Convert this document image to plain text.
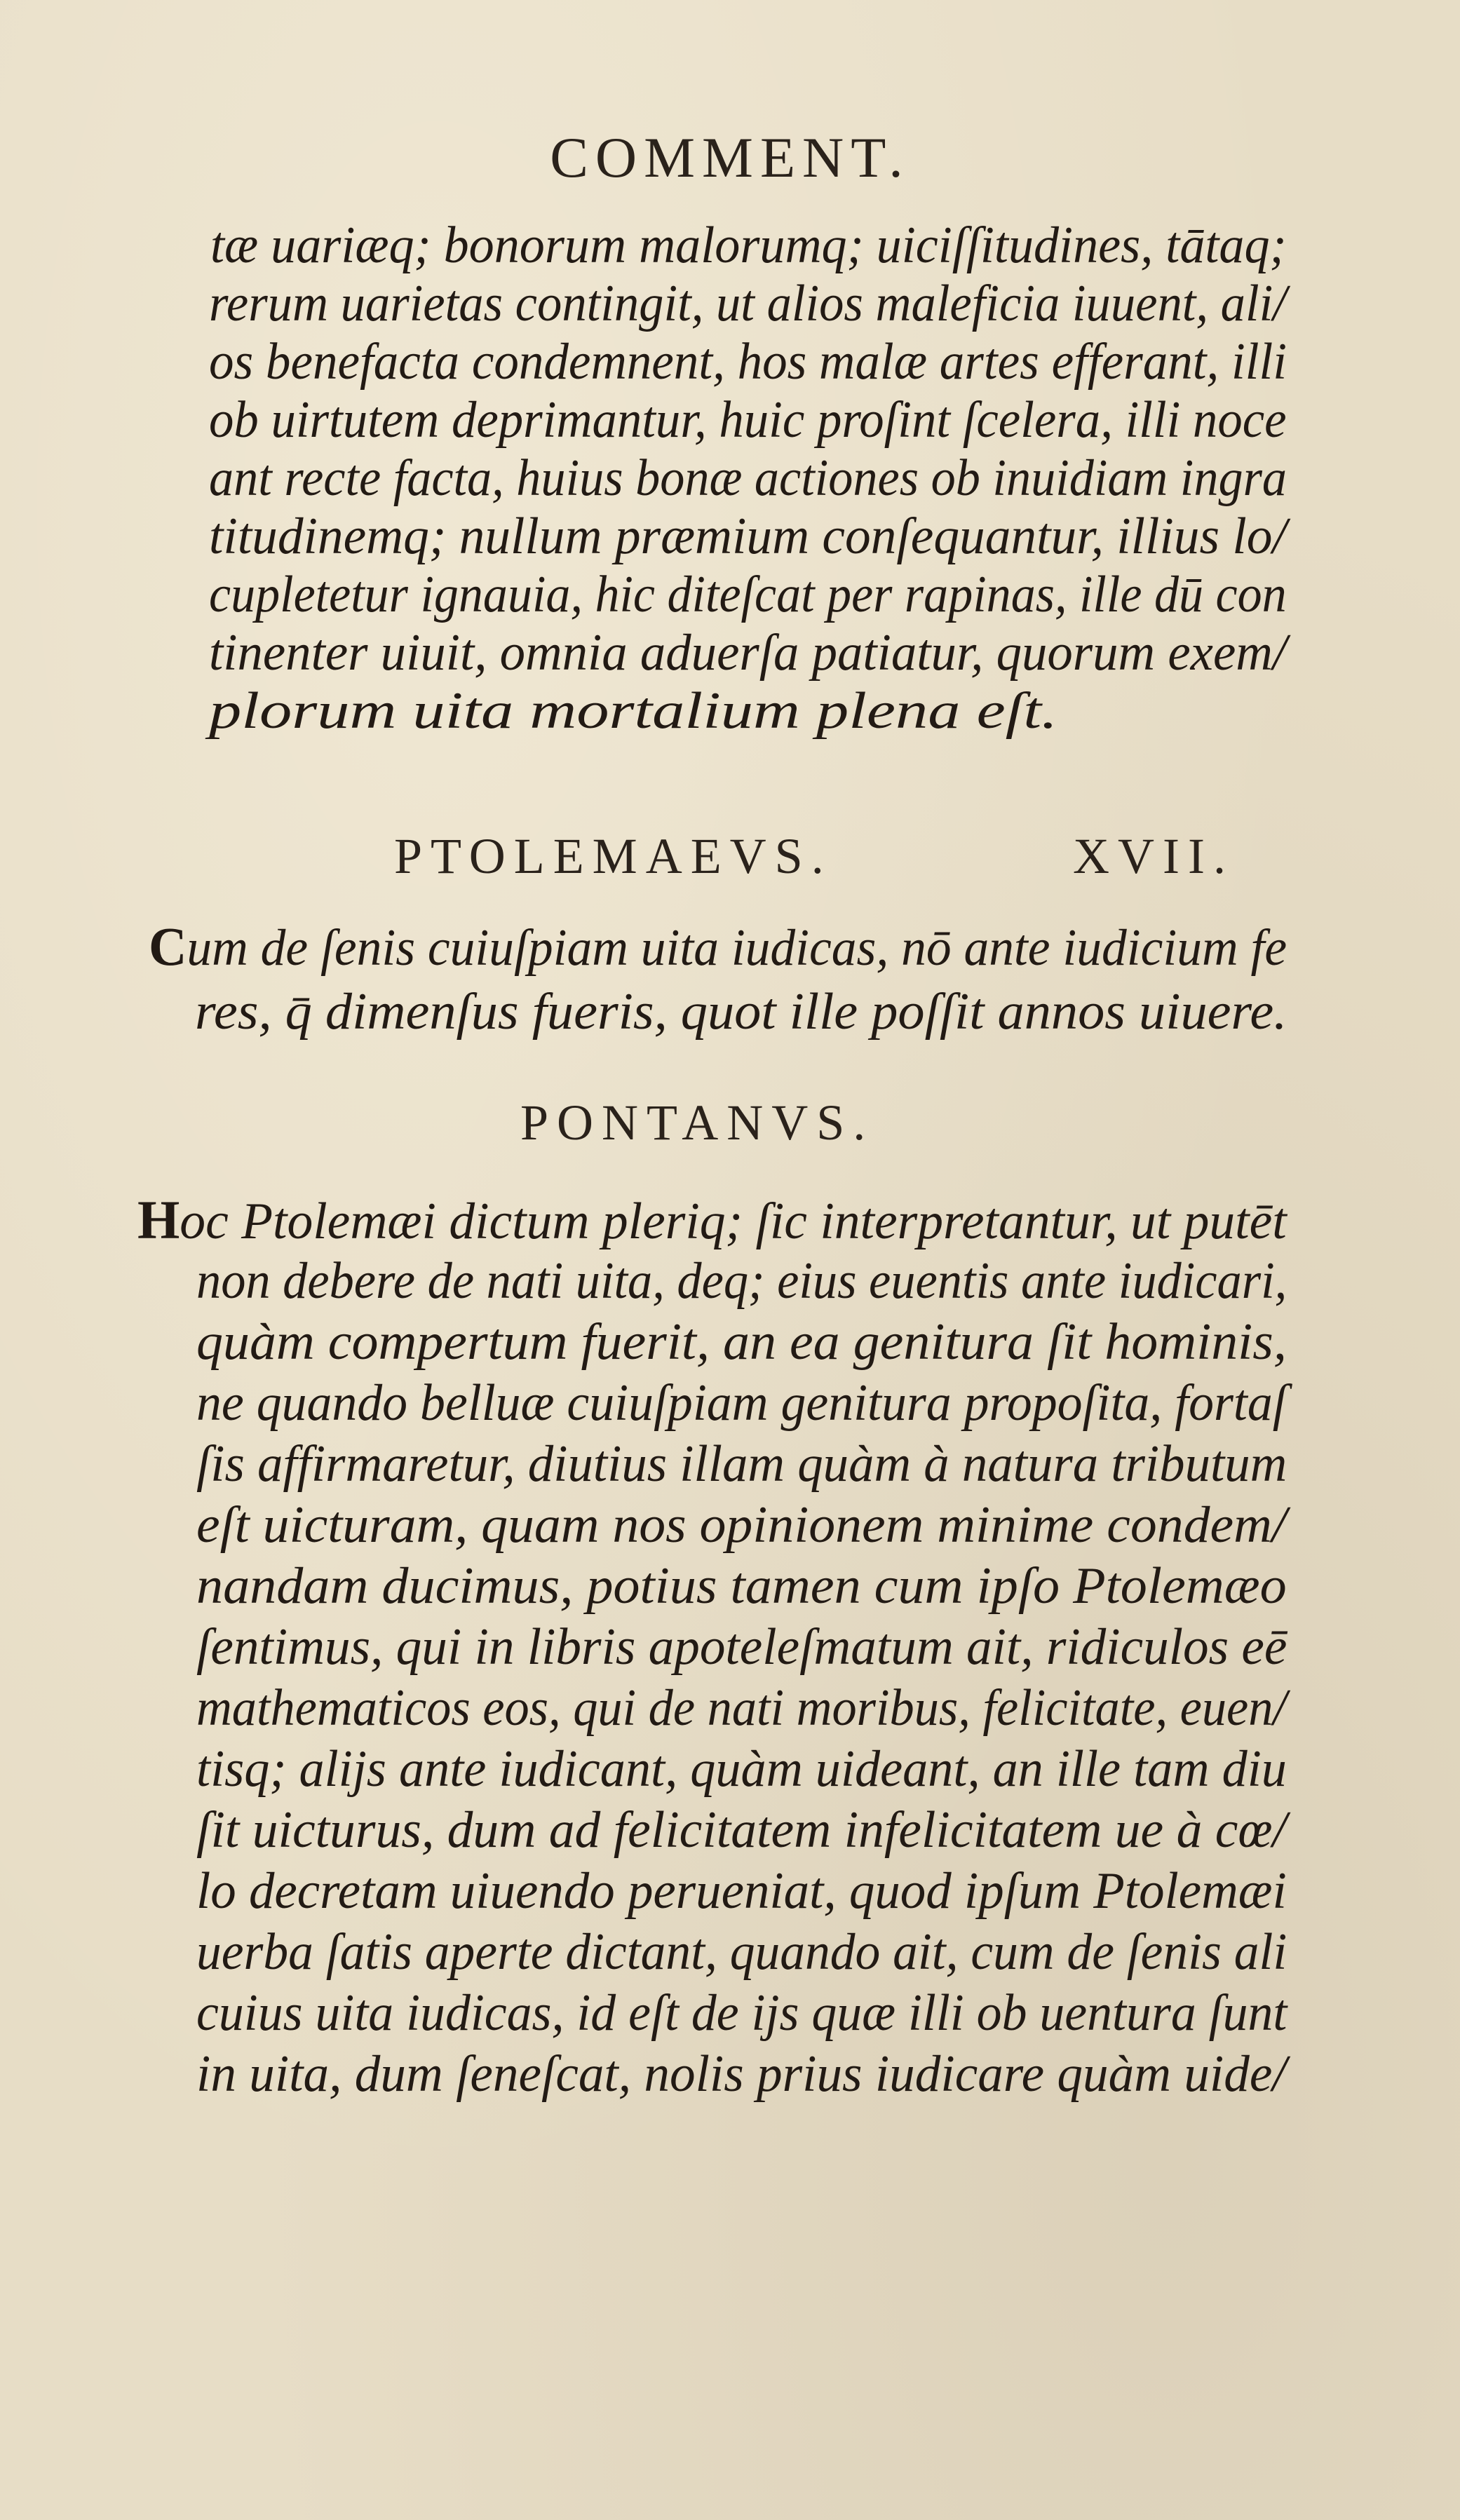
COMMENT.
tæ uariæq; bonorum malorumq; uiciſſitudines, tātaq;
rerum uarietas contingit, ut alios maleficia iuuent, ali/
os benefacta condemnent, hos malæ artes efferant, illi
ob uirtutem deprimantur, huic proſint ſcelera, illi noce
ant recte facta, huius bonæ actiones ob inuidiam ingra
titudinemq; nullum præmium conſequantur, illius lo/
cupletetur ignauia, hic diteſcat per rapinas, ille dū con
tinenter uiuit, omnia aduerſa patiatur, quorum exem/
plorum uita mortalium plena eſt.
PTOLEMAEVS.	XVII.
Cum de ſenis cuiuſpiam uita iudicas, nō ante iudicium fe
res, q̄ dimenſus fueris, quot ille poſſit annos uiuere.
PONTANVS.
Hoc Ptolemæi dictum pleriq; ſic interpretantur, ut putēt
non debere de nati uita, deq; eius euentis ante iudicari,
quàm compertum fuerit, an ea genitura ſit hominis,
ne quando belluæ cuiuſpiam genitura propoſita, fortaſ
ſis affirmaretur, diutius illam quàm à natura tributum
eſt uicturam, quam nos opinionem minime condem/
nandam ducimus, potius tamen cum ipſo Ptolemæo
ſentimus, qui in libris apoteleſmatum ait, ridiculos eē
mathematicos eos, qui de nati moribus, felicitate, euen/
tisq; aliјs ante iudicant, quàm uideant, an ille tam diu
ſit uicturus, dum ad felicitatem infelicitatem ue à cœ/
lo decretam uiuendo perueniat, quod ipſum Ptolemæi
uerba ſatis aperte dictant, quando ait, cum de ſenis ali
cuius uita iudicas, id eſt de iјs quæ illi ob uentura ſunt
in uita, dum ſeneſcat, nolis prius iudicare quàm uide/
